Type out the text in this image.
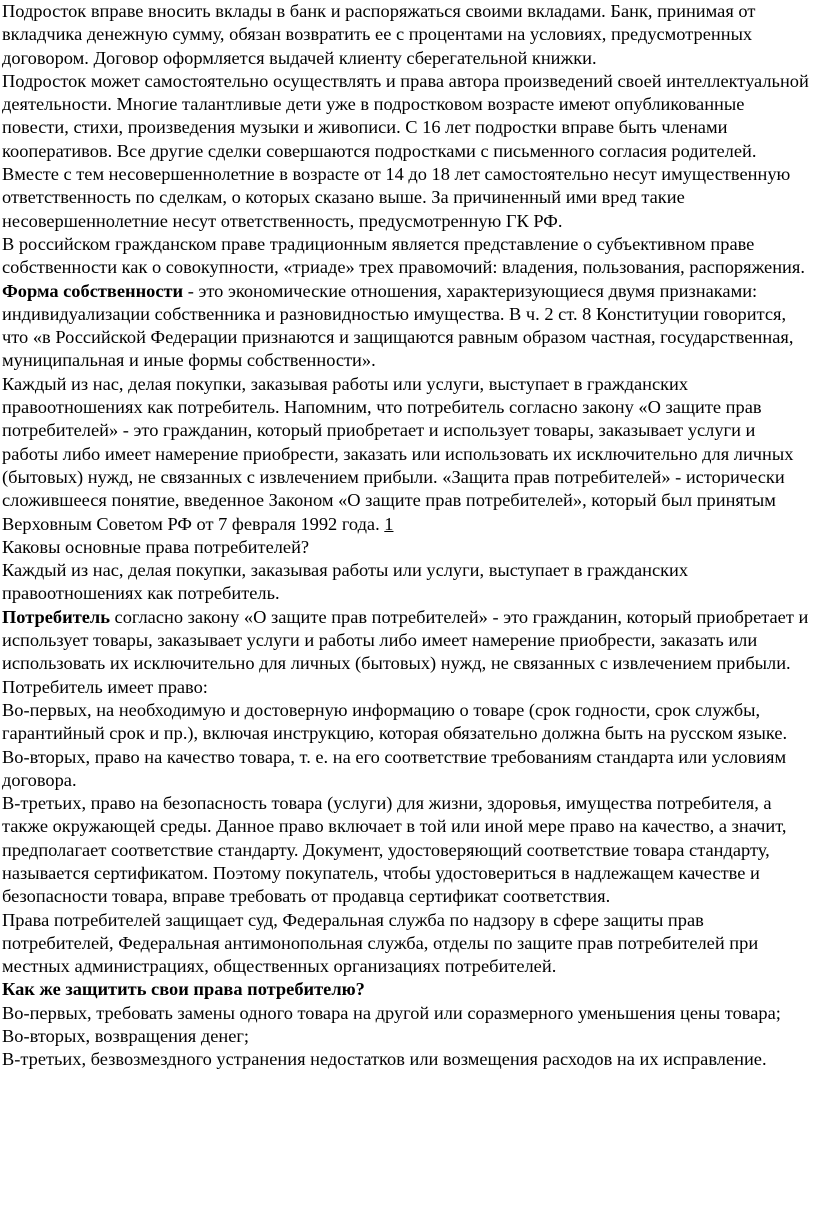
Подросток вправе вносить вклады в банк и распоряжаться своими вкладами. Банк, принимая от вкладчика денежную сумму, обязан возвратить ее с процентами на условиях, предусмотренных договором. Договор оформляется выдачей клиенту сберегательной книжки.

Подросток может самостоятельно осуществлять и права автора произведений своей интеллектуальной деятельности. Многие талантливые дети уже в подростковом возрасте имеют опубликованные повести, стихи, произведения музыки и живописи. С 16 лет подростки вправе быть членами кооперативов. Все другие сделки совершаются подростками с письменного согласия родителей.

Вместе с тем несовершеннолетние в возрасте от 14 до 18 лет самостоятельно несут имущественную ответственность по сделкам, о которых сказано выше. За причиненный ими вред такие несовершеннолетние несут ответственность, предусмотренную ГК РФ.

В российском гражданском праве традиционным является представление о субъективном праве собственности как о совокупности, «триаде» трех правомочий: владения, пользования, распоряжения.

Форма собственности - это экономические отношения, характеризующиеся двумя признаками: индивидуализации собственника и разновидностью имущества. В ч. 2 ст. 8 Конституции говорится, что «в Российской Федерации признаются и защищаются равным образом частная, государственная, муниципальная и иные формы собственности».

Каждый из нас, делая покупки, заказывая работы или услуги, выступает в гражданских правоотношениях как потребитель. Напомним, что потребитель согласно закону «О защите прав потребителей» - это гражданин, который приобретает и использует товары, заказывает услуги и работы либо имеет намерение приобрести, заказать или использовать их исключительно для личных (бытовых) нужд, не связанных с извлечением прибыли. «Защита прав потребителей» - исторически сложившееся понятие, введенное Законом «О защите прав потребителей», который был принятым Верховным Советом РФ от 7 февраля 1992 года. 1

Каковы основные права потребителей?

Каждый из нас, делая покупки, заказывая работы или услуги, выступает в гражданских правоотношениях как потребитель.

Потребитель согласно закону «О защите прав потребителей» - это гражданин, который приобретает и использует товары, заказывает услуги и работы либо имеет намерение приобрести, заказать или использовать их исключительно для личных (бытовых) нужд, не связанных с извлечением прибыли.

Потребитель имеет право:

Во-первых, на необходимую и достоверную информацию о товаре (срок годности, срок службы, гарантийный срок и пр.), включая инструкцию, которая обязательно должна быть на русском языке.

Во-вторых, право на качество товара, т. е. на его соответствие требованиям стандарта или условиям договора.

В-третьих, право на безопасность товара (услуги) для жизни, здоровья, имущества потребителя, а также окружающей среды. Данное право включает в той или иной мере право на качество, а значит, предполагает соответствие стандарту. Документ, удостоверяющий соответствие товара стандарту, называется сертификатом. Поэтому покупатель, чтобы удостовериться в надлежащем качестве и безопасности товара, вправе требовать от продавца сертификат соответствия.

Права потребителей защищает суд, Федеральная служба по надзору в сфере защиты прав потребителей, Федеральная антимонопольная служба, отделы по защите прав потребителей при местных администрациях, общественных организациях потребителей.

Как же защитить свои права потребителю?

Во-первых, требовать замены одного товара на другой или соразмерного уменьшения цены товара;

Во-вторых, возвращения денег;

В-третьих, безвозмездного устранения недостатков или возмещения расходов на их исправление.
